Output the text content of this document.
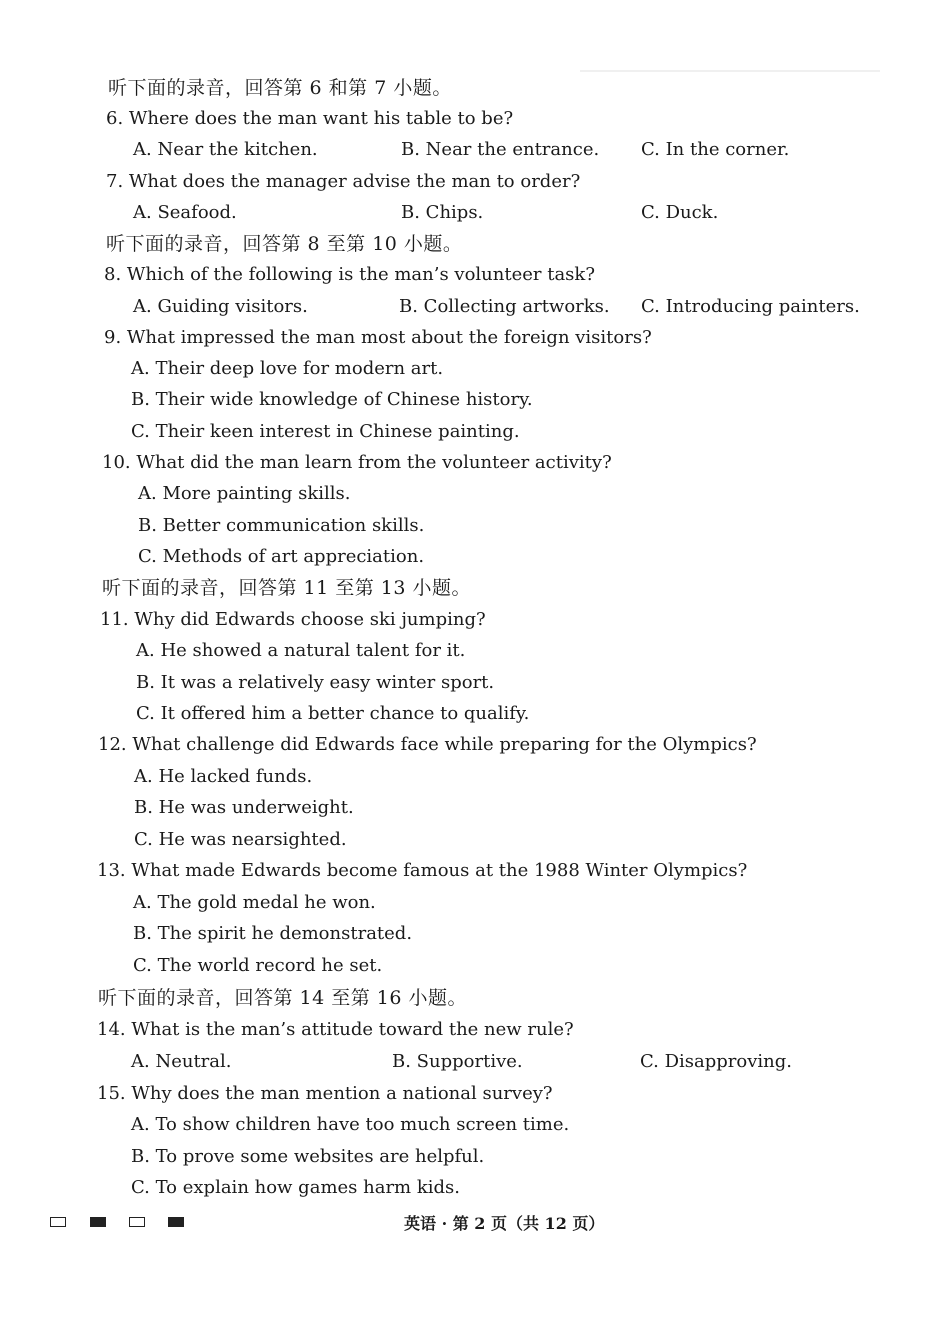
听下面的录音，回答第 6 和第 7 小题。
6. Where does the man want his table to be?
A. Near the kitchen.	B. Near the entrance. C. In the corner.
7. What does the manager advise the man to order?
A. Seafood.	B. Chips.	C. Duck.
听下面的录音，回答第 8 至第 10 小题。
8. Which of the following is the man’s volunteer task?
A. Guiding visitors.	B. Collecting artworks. C. Introducing painters.
9. What impressed the man most about the foreign visitors?
A. Their deep love for modern art.
B. Their wide knowledge of Chinese history.
C. Their keen interest in Chinese painting.
10. What did the man learn from the volunteer activity?
A. More painting skills.
B. Better communication skills.
C. Methods of art appreciation.
听下面的录音，回答第 11 至第 13 小题。
11. Why did Edwards choose ski jumping?
A. He showed a natural talent for it.
B. It was a relatively easy winter sport.
C. It offered him a better chance to qualify.
12. What challenge did Edwards face while preparing for the Olympics?
A. He lacked funds.
B. He was underweight.
C. He was nearsighted.
13. What made Edwards become famous at the 1988 Winter Olympics?
A. The gold medal he won.
B. The spirit he demonstrated.
C. The world record he set.
听下面的录音，回答第 14 至第 16 小题。
14. What is the man’s attitude toward the new rule?
A. Neutral.	B. Supportive.	C. Disapproving.
15. Why does the man mention a national survey?
A. To show children have too much screen time.
B. To prove some websites are helpful.
C. To explain how games harm kids.
英语 · 第 2 页（共 12 页）
